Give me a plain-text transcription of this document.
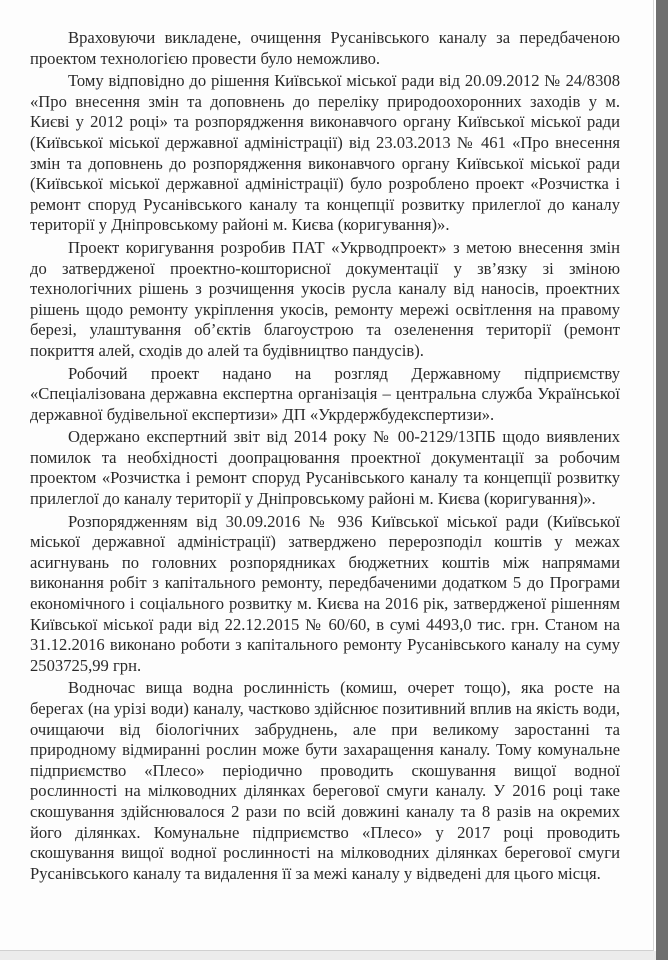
Враховуючи викладене, очищення Русанівського каналу за передбаченою проектом технологією провести було неможливо.

Тому відповідно до рішення Київської міської ради від 20.09.2012 № 24/8308 «Про внесення змін та доповнень до переліку природоохоронних заходів у м. Києві у 2012 році» та розпорядження виконавчого органу Київської міської ради (Київської міської державної адміністрації) від 23.03.2013 № 461 «Про внесення змін та доповнень до розпорядження виконавчого органу Київської міської ради (Київської міської державної адміністрації) було розроблено проект «Розчистка і ремонт споруд Русанівського каналу та концепції розвитку прилеглої до каналу території у Дніпровському районі м. Києва (коригування)».

Проект коригування розробив ПАТ «Укрводпроект» з метою внесення змін до затвердженої проектно-кошторисної документації у зв’язку зі зміною технологічних рішень з розчищення укосів русла каналу від наносів, проектних рішень щодо ремонту укріплення укосів, ремонту мережі освітлення на правому березі, улаштування об’єктів благоустрою та озеленення території (ремонт покриття алей, сходів до алей та будівництво пандусів).

Робочий проект надано на розгляд Державному підприємству «Спеціалізована державна експертна організація – центральна служба Української державної будівельної експертизи» ДП «Укрдержбудекспертизи».

Одержано експертний звіт від 2014 року № 00-2129/13ПБ щодо виявлених помилок та необхідності доопрацювання проектної документації за робочим проектом «Розчистка і ремонт споруд Русанівського каналу та концепції розвитку прилеглої до каналу території у Дніпровському районі м. Києва (коригування)».

Розпорядженням від 30.09.2016 № 936 Київської міської ради (Київської міської державної адміністрації) затверджено перерозподіл коштів у межах асигнувань по головних розпорядниках бюджетних коштів між напрямами виконання робіт з капітального ремонту, передбаченими додатком 5 до Програми економічного і соціального розвитку м. Києва на 2016 рік, затвердженої рішенням Київської міської ради від 22.12.2015 № 60/60, в сумі 4493,0 тис. грн. Станом на 31.12.2016 виконано роботи з капітального ремонту Русанівського каналу на суму 2503725,99 грн.

Водночас вища водна рослинність (комиш, очерет тощо), яка росте на берегах (на урізі води) каналу, частково здійснює позитивний вплив на якість води, очищаючи від біологічних забруднень, але при великому заростанні та природному відмиранні рослин може бути захаращення каналу. Тому комунальне підприємство «Плесо» періодично проводить скошування вищої водної рослинності на мілководних ділянках берегової смуги каналу. У 2016 році таке скошування здійснювалося 2 рази по всій довжині каналу та 8 разів на окремих його ділянках. Комунальне підприємство «Плесо» у 2017 році проводить скошування вищої водної рослинності на мілководних ділянках берегової смуги Русанівського каналу та видалення її за межі каналу у відведені для цього місця.
